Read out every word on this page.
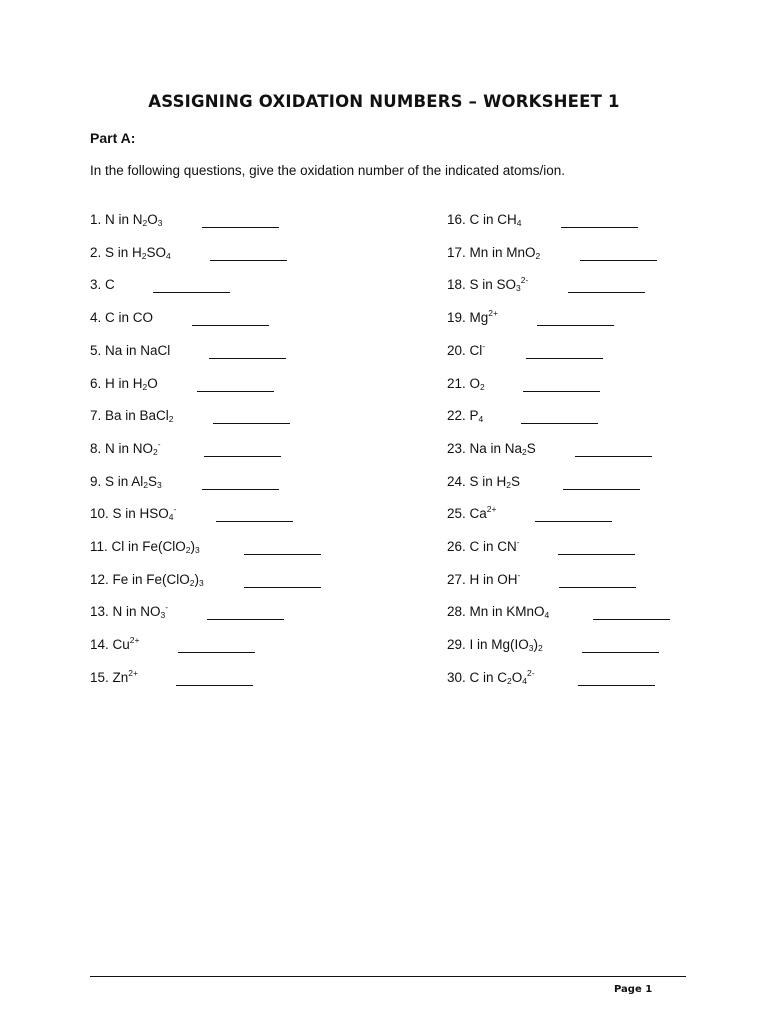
ASSIGNING OXIDATION NUMBERS – WORKSHEET 1
Part A:
In the following questions, give the oxidation number of the indicated atoms/ion.
1. N in $N_2O_3$
2. S in $H_2SO_4$
3. C
4. C in CO
5. Na in NaCl
6. H in $H_2O$
7. Ba in BaCl$_2$
8. N in $NO_2^-$
9. S in $Al_2S_3$
10. S in $HSO_4^-$
11. Cl in $Fe(ClO_2)_3$
12. Fe in $Fe(ClO_2)_3$
13. N in $NO_3^-$
14. $Cu^{2+}$
15. $Zn^{2+}$
16. C in $CH_4$
17. Mn in MnO$_2$
18. S in $SO_3^{2-}$
19. $Mg^{2+}$
20. Cl-
21. $O_2$
22. $P_4$
23. Na in $Na_2S$
24. S in $H_2S$
25. $Ca^{2+}$
26. C in CN-
27. H in OH-
28. Mn in KMnO$_4$
29. I in $Mg(IO_3)_2$
30. C in $C_2O_4^{2-}$
Page 1
